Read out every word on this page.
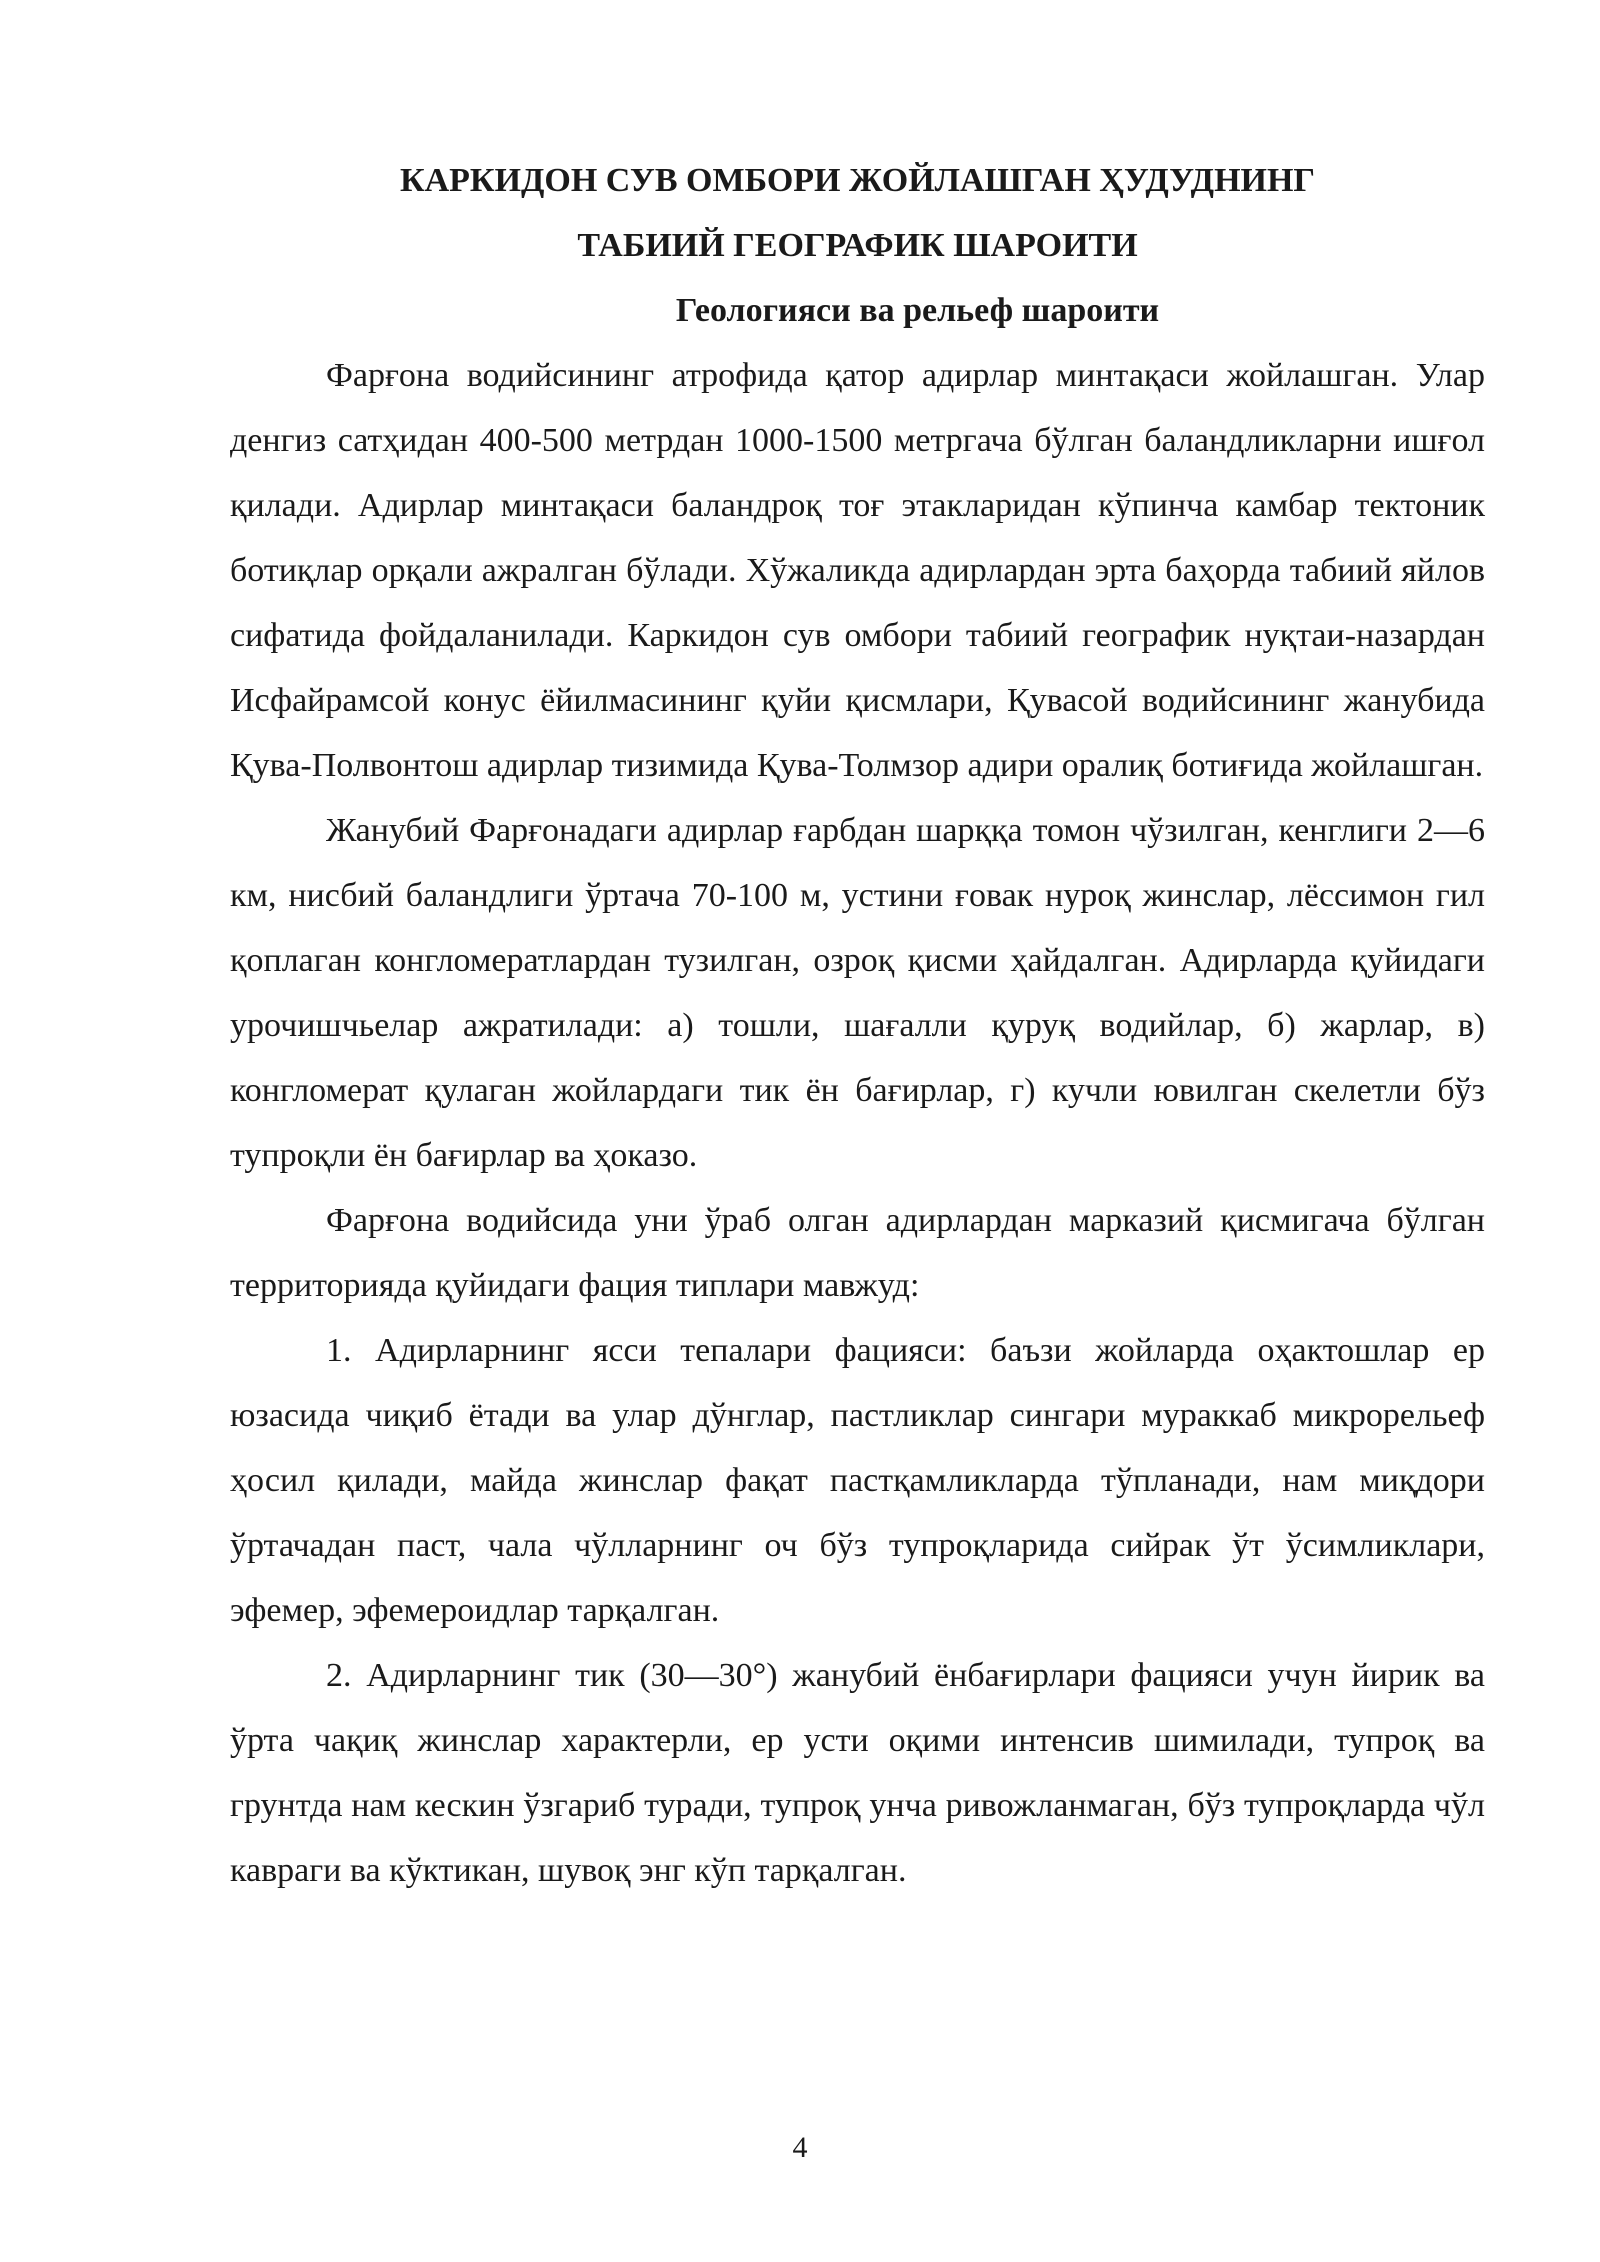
КАРКИДОН СУВ ОМБОРИ ЖОЙЛАШГАН ҲУДУДНИНГ
ТАБИИЙ ГЕОГРАФИК ШАРОИТИ
Геологияси ва рельеф шароити

Фарғона водийсининг атрофида қатор адирлар минтақаси жойлашган. Улар денгиз сатҳидан 400-500 метрдан 1000-1500 метргача бўлган баландликларни ишғол қилади. Адирлар минтақаси баландроқ тоғ этакларидан кўпинча камбар тектоник ботиқлар орқали ажралган бўлади. Хўжаликда адирлардан эрта баҳорда табиий яйлов сифатида фойдаланилади. Каркидон сув омбори табиий географик нуқтаи-назардан Исфайрамсой конус ёйилмасининг қуйи қисмлари, Қувасой водийсининг жанубида Қува-Полвонтош адирлар тизимида Қува-Толмзор адири оралиқ ботиғида жойлашган.

Жанубий Фарғонадаги адирлар ғарбдан шарққа томон чўзилган, кенглиги 2—6 км, нисбий баландлиги ўртача 70-100 м, устини ғовак нуроқ жинслар, лёссимон гил қоплаган конгломератлардан тузилган, озроқ қисми ҳайдалган. Адирларда қуйидаги урочишчьелар ажратилади: а) тошли, шағалли қуруқ водийлар, б) жарлар, в) конгломерат қулаган жойлардаги тик ён бағирлар, г) кучли ювилган скелетли бўз тупроқли ён бағирлар ва ҳоказо.

Фарғона водийсида уни ўраб олган адирлардан марказий қисмигача бўлган территорияда қуйидаги фация типлари мавжуд:

1. Адирларнинг ясси тепалари фацияси: баъзи жойларда оҳактошлар ер юзасида чиқиб ётади ва улар дўнглар, пастликлар сингари мураккаб микрорельеф ҳосил қилади, майда жинслар фақат пастқамликларда тўпланади, нам миқдори ўртачадан паст, чала чўлларнинг оч бўз тупроқларида сийрак ўт ўсимликлари, эфемер, эфемероидлар тарқалган.

2. Адирларнинг тик (30—30°) жанубий ёнбағирлари фацияси учун йирик ва ўрта чақиқ жинслар характерли, ер усти оқими интенсив шимилади, тупроқ ва грунтда нам кескин ўзгариб туради, тупроқ унча ривожланмаган, бўз тупроқларда чўл кавраги ва кўктикан, шувоқ энг кўп тарқалган.

4
